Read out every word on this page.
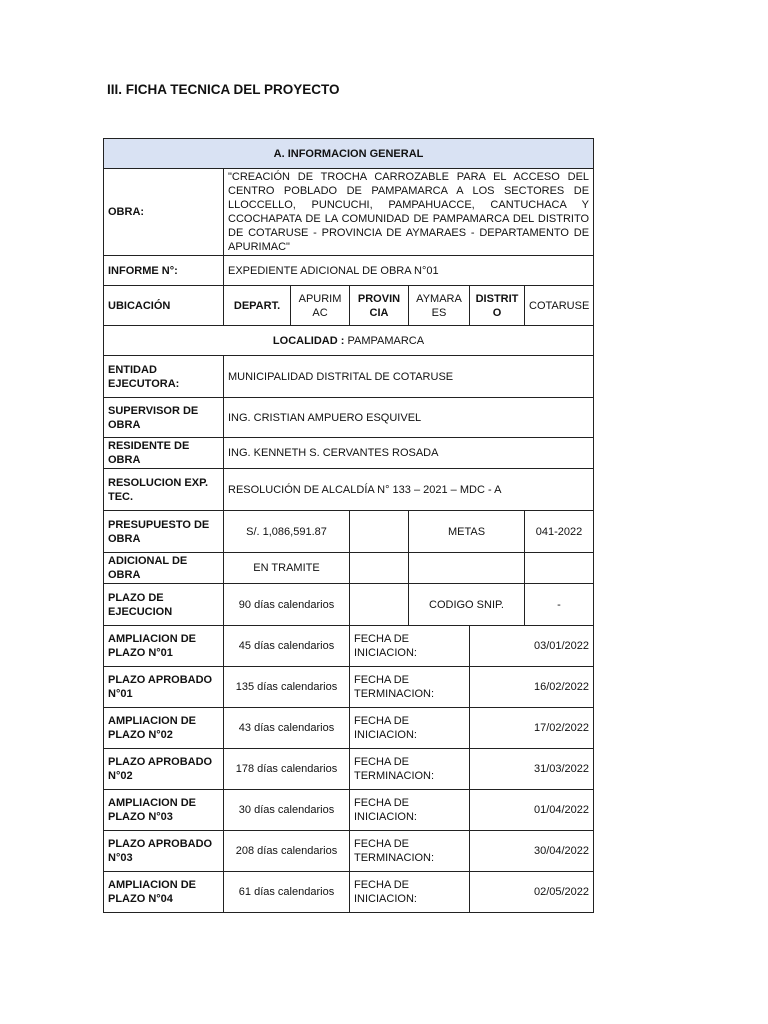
III. FICHA TECNICA DEL PROYECTO
A. INFORMACION GENERAL						
OBRA:	"CREACIÓN DE TROCHA CARROZABLE PARA EL ACCESO DEL CENTRO POBLADO DE PAMPAMARCA A LOS SECTORES DE LLOCCELLO, PUNCUCHI, PAMPAHUACCE, CANTUCHACA Y CCOCHAPATA DE LA COMUNIDAD DE PAMPAMARCA DEL DISTRITO DE COTARUSE - PROVINCIA DE AYMARAES - DEPARTAMENTO DE APURIMAC"					
INFORME N°:	EXPEDIENTE ADICIONAL DE OBRA N°01					
UBICACIÓN	DEPART.	APURIMAC	PROVINCIA	AYMARAES	DISTRITO	COTARUSE
LOCALIDAD : PAMPAMARCA						
ENTIDAD EJECUTORA:	MUNICIPALIDAD DISTRITAL DE COTARUSE					
SUPERVISOR DE OBRA	ING. CRISTIAN AMPUERO ESQUIVEL					
RESIDENTE DE OBRA	ING. KENNETH S. CERVANTES ROSADA					
RESOLUCION EXP. TEC.	RESOLUCIÓN DE ALCALDÍA N° 133 – 2021 – MDC - A					
PRESUPUESTO DE OBRA	S/. 1,086,591.87			METAS		041-2022
ADICIONAL DE OBRA	EN TRAMITE					
PLAZO DE EJECUCION	90 días calendarios			CODIGO SNIP.		-
AMPLIACION DE PLAZO N°01	45 días calendarios		FECHA DE INICIACION:		03/01/2022	
PLAZO APROBADO N°01	135 días calendarios		FECHA DE TERMINACION:		16/02/2022	
AMPLIACION DE PLAZO N°02	43 días calendarios		FECHA DE INICIACION:		17/02/2022	
PLAZO APROBADO N°02	178 días calendarios		FECHA DE TERMINACION:		31/03/2022	
AMPLIACION DE PLAZO N°03	30 días calendarios		FECHA DE INICIACION:		01/04/2022	
PLAZO APROBADO N°03	208 días calendarios		FECHA DE TERMINACION:		30/04/2022	
AMPLIACION DE PLAZO N°04	61 días calendarios		FECHA DE INICIACION:		02/05/2022	
